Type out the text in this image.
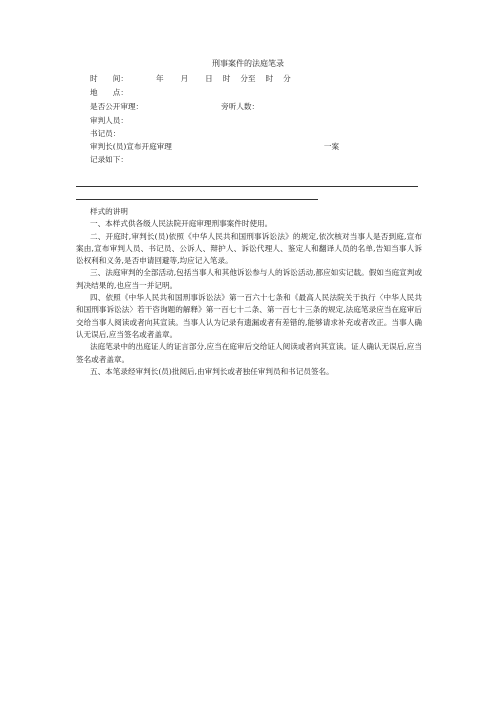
刑事案件的法庭笔录
时　　间：	年 月 日 时 分至 时 分
地　　点：
是否公开审理：	旁听人数：
审判人员：
书记员：
审判长(员)宣布开庭审理	一案
记录如下：

样式的讲明

一、本样式供各级人民法院开庭审理刑事案件时使用。

二、开庭时,审判长(员)依照《中华人民共和国刑事诉讼法》的规定,依次核对当事人是否到庭,宣布案由,宣布审判人员、书记员、公诉人、辩护人、诉讼代理人、鉴定人和翻译人员的名单,告知当事人诉讼权利和义务,是否申请回避等,均应记入笔录。

三、法庭审判的全部活动,包括当事人和其他诉讼参与人的诉讼活动,都应如实记载。假如当庭宣判或判决结果的,也应当一并记明。

四、依照《中华人民共和国刑事诉讼法》第一百六十七条和《最高人民法院关于执行〈中华人民共和国刑事诉讼法〉若干咨询题的解释》第一百七十二条、第一百七十三条的规定,法庭笔录应当在庭审后交给当事人阅读或者向其宣读。当事人认为记录有遗漏或者有差错的,能够请求补充或者改正。当事人确认无误后,应当签名或者盖章。

法庭笔录中的出庭证人的证言部分,应当在庭审后交给证人阅读或者向其宣读。证人确认无误后,应当签名或者盖章。

五、本笔录经审判长(员)批阅后,由审判长或者独任审判员和书记员签名。
